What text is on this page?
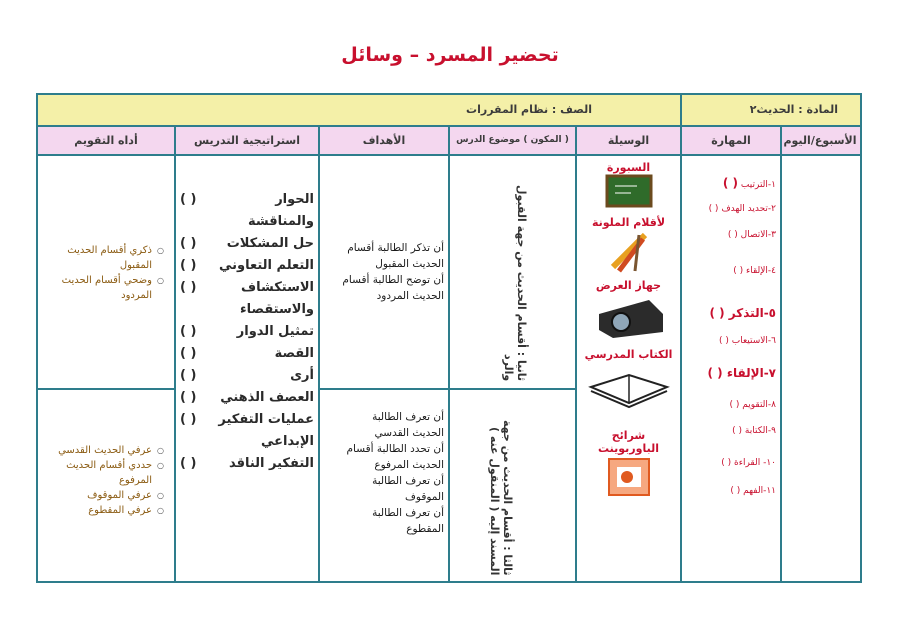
تحضير المسرد – وسائل
المادة : الحديث٢
الصف : نظام المقررات
الأسبوع/اليوم
المهارة
الوسيلة
( المكون ) موضوع الدرس
الأهداف
استراتيجية التدريس
أداه التقويم
١-الترتيب ( )
٢-تحديد الهدف ( )
٣-الاتصال ( )
٤-الإلقاء ( )
٥-التذكر ( )
٦-الاستيعاب ( )
٧-الإلقاء ( )
٨-التقويم ( )
٩-الكتابة ( )
١٠- القراءة ( )
١١-الفهم ( )
السبورة
لأقلام الملونة
جهاز العرض
الكتاب المدرسي
شرائح
الباوربوينت
ثانيا : أقسام الحديث من جهة القبول والرد
ثالثا : أقسام الحديث من جهة المسند إليه ( المنقول عنه )
أن تذكر الطالبة أقسام
الحديث المقبول
أن توضح الطالبة أقسام
الحديث المردود
أن تعرف الطالبة
الحديث القدسي
أن تحدد الطالبة أقسام
الحديث المرفوع
أن تعرف الطالبة
الموقوف
أن تعرف الطالبة
المقطوع
الحوار
( )
والمناقشة
حل المشكلات
( )
التعلم التعاوني
( )
الاستكشاف
( )
والاستقصاء
تمثيل الدوار
( )
القصة
( )
أرى
( )
العصف الذهني
( )
عمليات التفكير
( )
الإبداعي
التفكير الناقد
( )
○ ذكري أقسام الحديث المقبول
○ وضحي أقسام الحديث المردود
○ عرفي الحديث القدسي
○ حددي أقسام الحديث المرفوع
○ عرفي الموقوف
○ عرفي المقطوع
